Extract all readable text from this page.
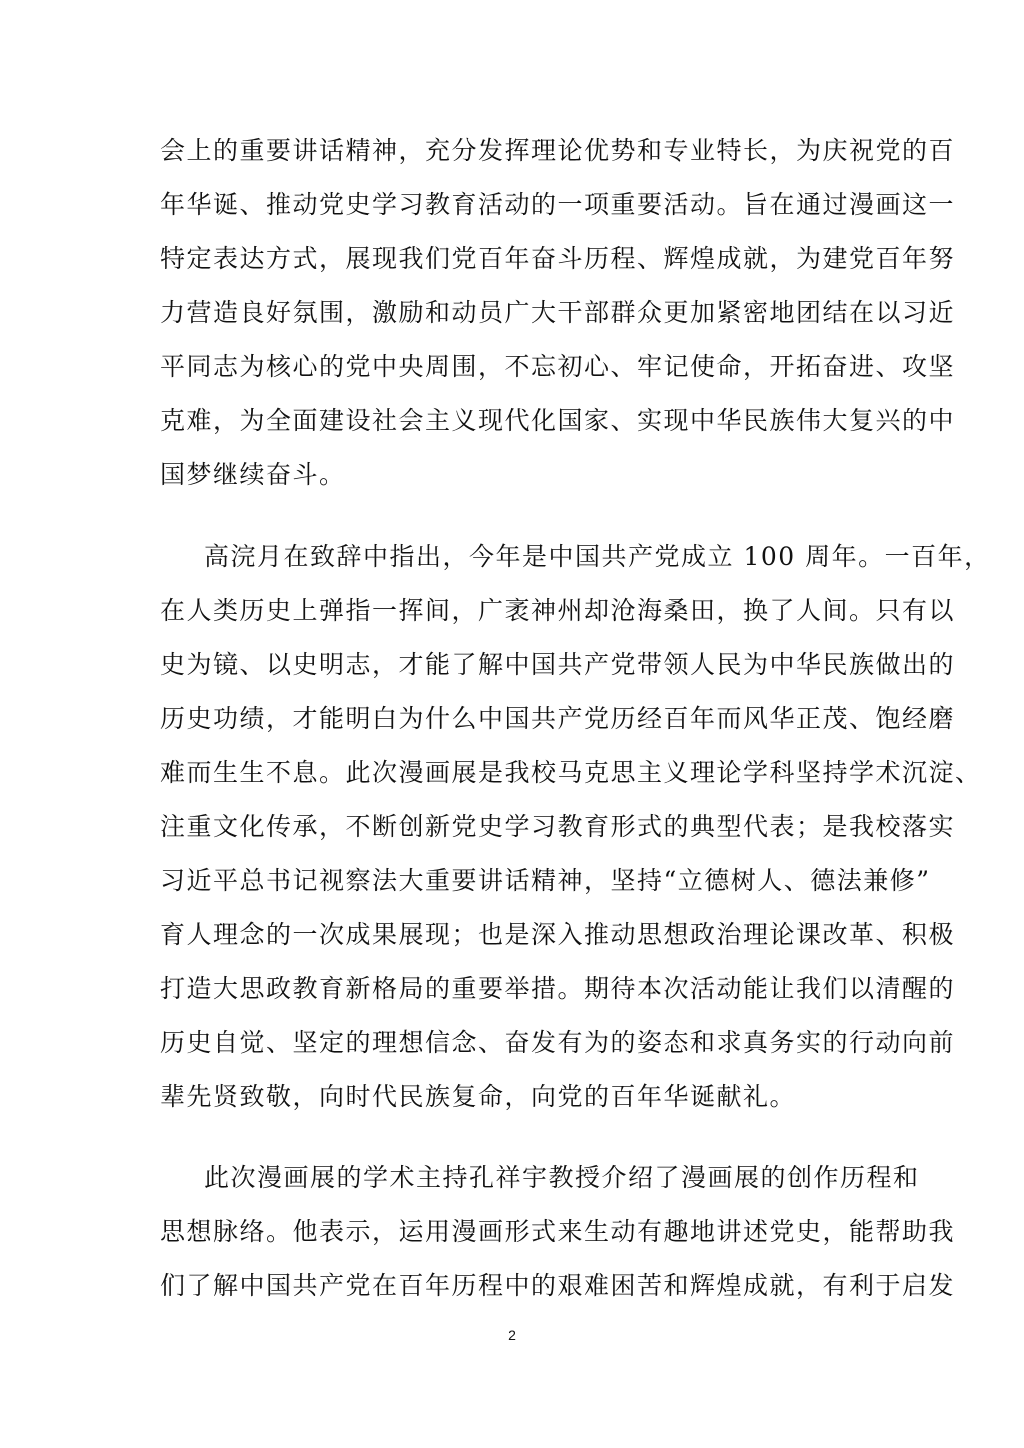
会上的重要讲话精神，充分发挥理论优势和专业特长，为庆祝党的百
年华诞、推动党史学习教育活动的一项重要活动。旨在通过漫画这一
特定表达方式，展现我们党百年奋斗历程、辉煌成就，为建党百年努
力营造良好氛围，激励和动员广大干部群众更加紧密地团结在以习近
平同志为核心的党中央周围，不忘初心、牢记使命，开拓奋进、攻坚
克难，为全面建设社会主义现代化国家、实现中华民族伟大复兴的中
国梦继续奋斗。
高浣月在致辞中指出，今年是中国共产党成立 100 周年。一百年，
在人类历史上弹指一挥间，广袤神州却沧海桑田，换了人间。只有以
史为镜、以史明志，才能了解中国共产党带领人民为中华民族做出的
历史功绩，才能明白为什么中国共产党历经百年而风华正茂、饱经磨
难而生生不息。此次漫画展是我校马克思主义理论学科坚持学术沉淀、
注重文化传承，不断创新党史学习教育形式的典型代表；是我校落实
习近平总书记视察法大重要讲话精神，坚持“立德树人、德法兼修”
育人理念的一次成果展现；也是深入推动思想政治理论课改革、积极
打造大思政教育新格局的重要举措。期待本次活动能让我们以清醒的
历史自觉、坚定的理想信念、奋发有为的姿态和求真务实的行动向前
辈先贤致敬，向时代民族复命，向党的百年华诞献礼。
此次漫画展的学术主持孔祥宇教授介绍了漫画展的创作历程和
思想脉络。他表示，运用漫画形式来生动有趣地讲述党史，能帮助我
们了解中国共产党在百年历程中的艰难困苦和辉煌成就，有利于启发
2
